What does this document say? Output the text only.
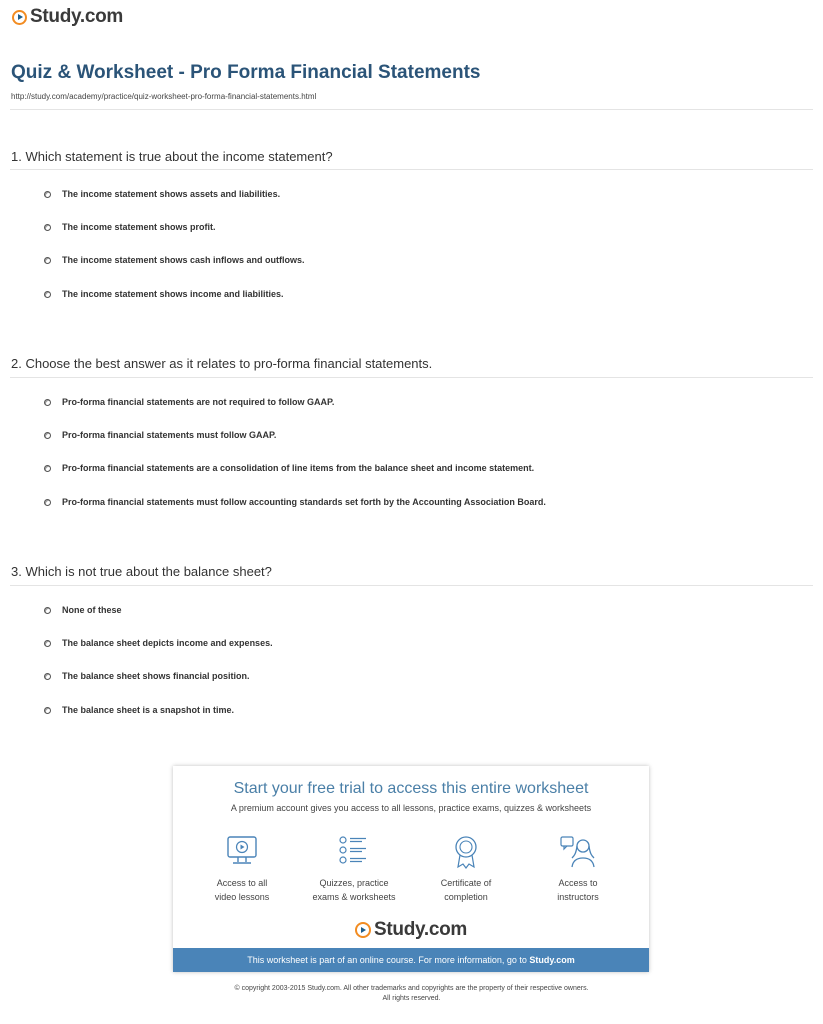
Study.com
Quiz & Worksheet - Pro Forma Financial Statements
http://study.com/academy/practice/quiz-worksheet-pro-forma-financial-statements.html
1. Which statement is true about the income statement?
The income statement shows assets and liabilities.
The income statement shows profit.
The income statement shows cash inflows and outflows.
The income statement shows income and liabilities.
2. Choose the best answer as it relates to pro-forma financial statements.
Pro-forma financial statements are not required to follow GAAP.
Pro-forma financial statements must follow GAAP.
Pro-forma financial statements are a consolidation of line items from the balance sheet and income statement.
Pro-forma financial statements must follow accounting standards set forth by the Accounting Association Board.
3. Which is not true about the balance sheet?
None of these
The balance sheet depicts income and expenses.
The balance sheet shows financial position.
The balance sheet is a snapshot in time.
Start your free trial to access this entire worksheet
A premium account gives you access to all lessons, practice exams, quizzes & worksheets
Access to all
video lessons
Quizzes, practice
exams & worksheets
Certificate of
completion
Access to
instructors
Study.com
This worksheet is part of an online course. For more information, go to Study.com
© copyright 2003-2015 Study.com. All other trademarks and copyrights are the property of their respective owners.
All rights reserved.
